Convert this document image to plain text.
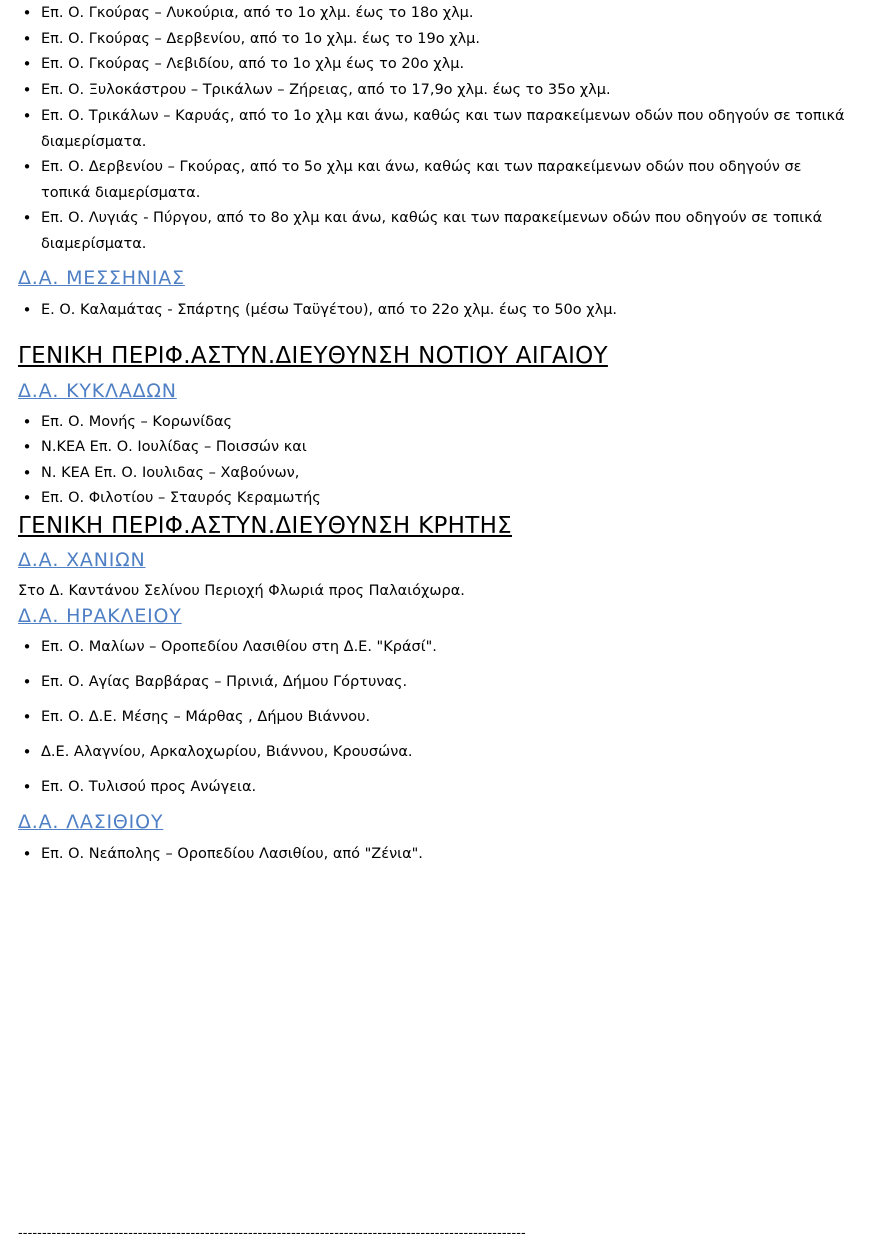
•
Επ. Ο. Γκούρας – Λυκούρια, από το 1ο χλμ. έως το 18ο χλμ.
•
Επ. Ο. Γκούρας – Δερβενίου, από το 1ο χλμ. έως το 19ο χλμ.
•
Επ. Ο. Γκούρας – Λεβιδίου, από το 1ο χλμ έως το 20ο χλμ.
•
Επ. Ο. Ξυλοκάστρου – Τρικάλων – Ζήρειας, από το 17,9ο χλμ. έως το 35ο χλμ.
•
Επ. Ο. Τρικάλων – Καρυάς, από το 1ο χλμ και άνω, καθώς και των παρακείμενων οδών που οδηγούν σε τοπικά
διαμερίσματα.
•
Επ. Ο. Δερβενίου – Γκούρας, από το 5ο χλμ και άνω, καθώς και των παρακείμενων οδών που οδηγούν σε
τοπικά διαμερίσματα.
•
Επ. Ο. Λυγιάς - Πύργου, από το 8ο χλμ και άνω, καθώς και των παρακείμενων οδών που οδηγούν σε τοπικά
διαμερίσματα.
Δ.Α. ΜΕΣΣΗΝΙΑΣ
•
Ε. Ο. Καλαμάτας - Σπάρτης (μέσω Ταϋγέτου), από το 22ο χλμ. έως το 50ο χλμ.
ΓΕΝΙΚΗ ΠΕΡΙΦ.ΑΣΤΥΝ.ΔΙΕΥΘΥΝΣΗ ΝΟΤΙΟΥ ΑΙΓΑΙΟΥ
Δ.Α. ΚΥΚΛΑΔΩΝ
•
Επ. Ο. Μονής – Κορωνίδας
•
Ν.ΚΕΑ Επ. Ο. Ιουλίδας – Ποισσών και
•
Ν. ΚΕΑ Επ. Ο. Ιουλιδας – Χαβούνων,
•
Επ. Ο. Φιλοτίου – Σταυρός Κεραμωτής
ΓΕΝΙΚΗ ΠΕΡΙΦ.ΑΣΤΥΝ.ΔΙΕΥΘΥΝΣΗ ΚΡΗΤΗΣ
Δ.Α. ΧΑΝΙΩΝ
Στο Δ. Καντάνου Σελίνου Περιοχή Φλωριά προς Παλαιόχωρα.
Δ.Α. ΗΡΑΚΛΕΙΟΥ
•
Επ. Ο. Μαλίων – Οροπεδίου Λασιθίου στη Δ.Ε. "Κράσί".
•
Επ. Ο. Αγίας Βαρβάρας – Πρινιά, Δήμου Γόρτυνας.
•
Επ. Ο. Δ.Ε. Μέσης – Μάρθας , Δήμου Βιάννου.
•
Δ.Ε. Αλαγνίου, Αρκαλοχωρίου, Βιάννου, Κρουσώνα.
•
Επ. Ο. Τυλισού προς Ανώγεια.
Δ.Α. ΛΑΣΙΘΙΟΥ
•
Επ. Ο. Νεάπολης – Οροπεδίου Λασιθίου, από "Ζένια".
----------------------------------------------------------------------------------------------------------
